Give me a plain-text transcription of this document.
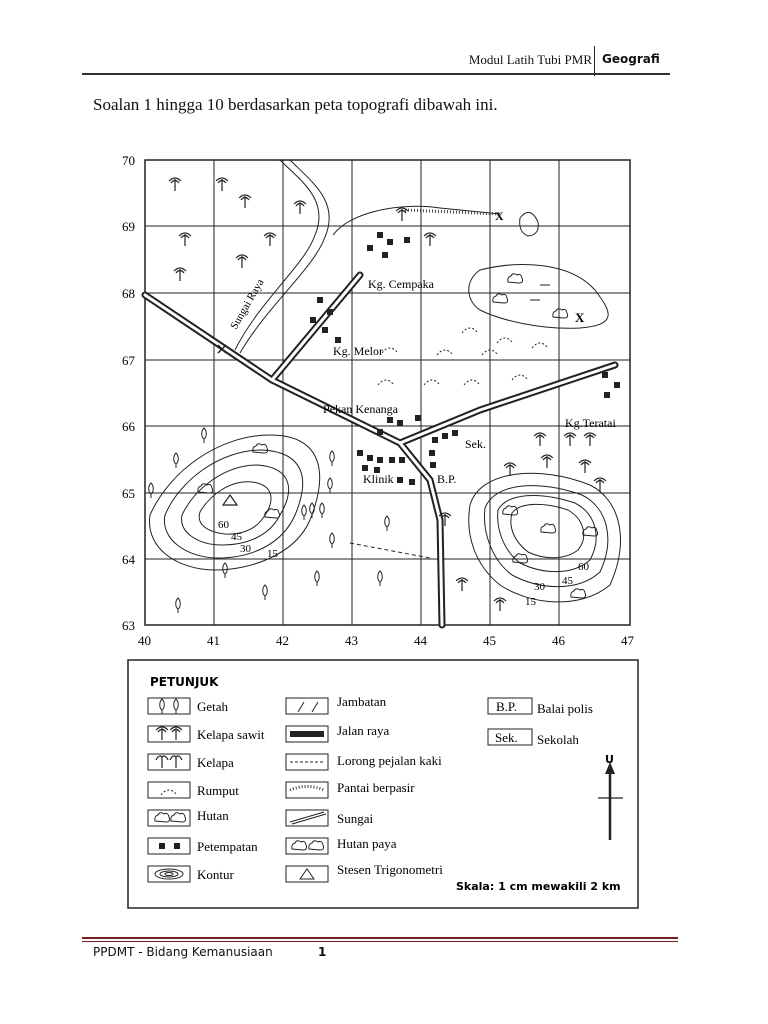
Modul Latih Tubi PMR Geografi
Soalan 1 hingga 10 berdasarkan peta topografi dibawah ini.
70
69
68
67
66
65
64
63
40	41	42	43	44	45	46	47
Sungai Raya
X
X
Kg. Cempaka
Kg. Melor
Pekan Kenanga
Kg.Teratai
Sek.
Klinik	B.P.
60
45
30 15
60
45
30
15
PETUNJUK
Getah
Kelapa sawit
Kelapa
Rumput
Hutan
Petempatan
Kontur
Jambatan
Jalan raya
Lorong pejalan kaki
Pantai berpasir
Sungai
Hutan paya
Stesen Trigonometri
B.P.
Sek.
Balai polis
Sekolah
U
Skala: 1 cm mewakili 2 km
PPDMT - Bidang Kemanusiaan	1
